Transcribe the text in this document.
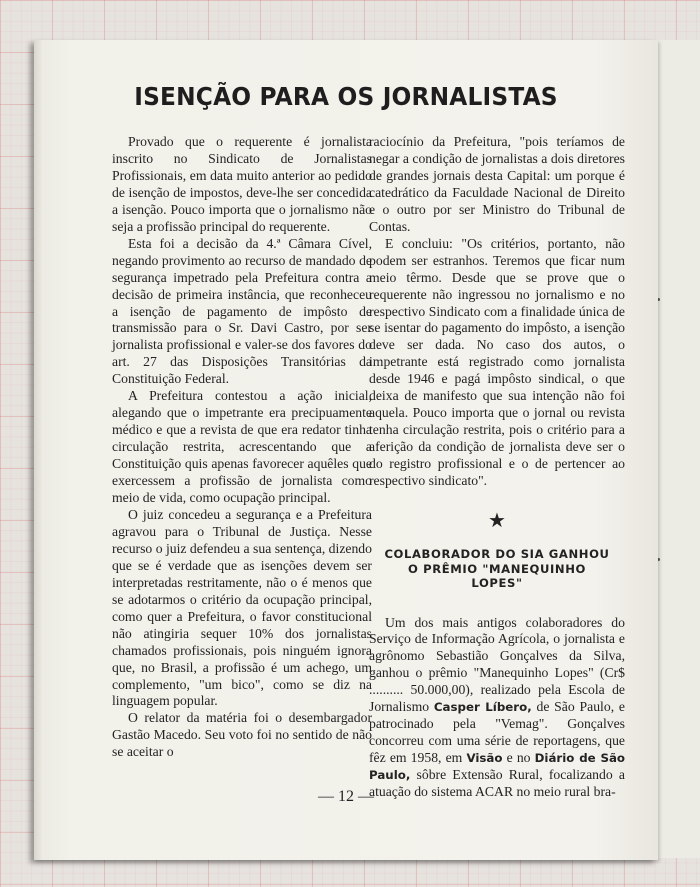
ISENÇÃO PARA OS JORNALISTAS

Provado que o requerente é jornalista inscrito no Sindicato de Jornalistas Profissionais, em data muito anterior ao pedido de isenção de impostos, deve-lhe ser concedida a isenção. Pouco importa que o jornalismo não seja a profissão principal do requerente.

Esta foi a decisão da 4.ª Câmara Cível, negando provimento ao recurso de mandado de segurança impetrado pela Prefeitura contra a decisão de primeira instância, que reconheceu a isenção de pagamento de impôsto de transmissão para o Sr. Davi Castro, por ser jornalista profissional e valer-se dos favores do art. 27 das Disposições Transitórias da Constituição Federal.

A Prefeitura contestou a ação inicial, alegando que o impetrante era precipuamente médico e que a revista de que era redator tinha circulação restrita, acrescentando que a Constituição quis apenas favorecer aquêles que exercessem a profissão de jornalista como meio de vida, como ocupação principal.

O juiz concedeu a segurança e a Prefeitura agravou para o Tribunal de Justiça. Nesse recurso o juiz defendeu a sua sentença, dizendo que se é verdade que as isenções devem ser interpretadas restritamente, não o é menos que se adotarmos o critério da ocupação principal, como quer a Prefeitura, o favor constitucional não atingiria sequer 10% dos jornalistas chamados profissionais, pois ninguém ignora que, no Brasil, a profissão é um achego, um complemento, "um bico", como se diz na linguagem popular.

O relator da matéria foi o desembargador Gastão Macedo. Seu voto foi no sentido de não se aceitar o

raciocínio da Prefeitura, "pois teríamos de negar a condição de jornalistas a dois diretores de grandes jornais desta Capital: um porque é catedrático da Faculdade Nacional de Direito e o outro por ser Ministro do Tribunal de Contas.

E concluiu: "Os critérios, portanto, não podem ser estranhos. Teremos que ficar num meio têrmo. Desde que se prove que o requerente não ingressou no jornalismo e no respectivo Sindicato com a finalidade única de se isentar do pagamento do impôsto, a isenção deve ser dada. No caso dos autos, o impetrante está registrado como jornalista desde 1946 e pagá impôsto sindical, o que deixa de manifesto que sua intenção não foi aquela. Pouco importa que o jornal ou revista tenha circulação restrita, pois o critério para a aferição da condição de jornalista deve ser o do registro profissional e o de pertencer ao respectivo sindicato".

★
COLABORADOR DO SIA GANHOU
O PRÊMIO "MANEQUINHO
LOPES"

Um dos mais antigos colaboradores do Serviço de Informação Agrícola, o jornalista e agrônomo Sebastião Gonçalves da Silva, ganhou o prêmio "Manequinho Lopes" (Cr$ .......... 50.000,00), realizado pela Escola de Jornalismo Casper Líbero, de São Paulo, e patrocinado pela "Vemag". Gonçalves concorreu com uma série de reportagens, que fêz em 1958, em Visão e no Diário de São Paulo, sôbre Extensão Rural, focalizando a atuação do sistema ACAR no meio rural bra-

— 12 —
